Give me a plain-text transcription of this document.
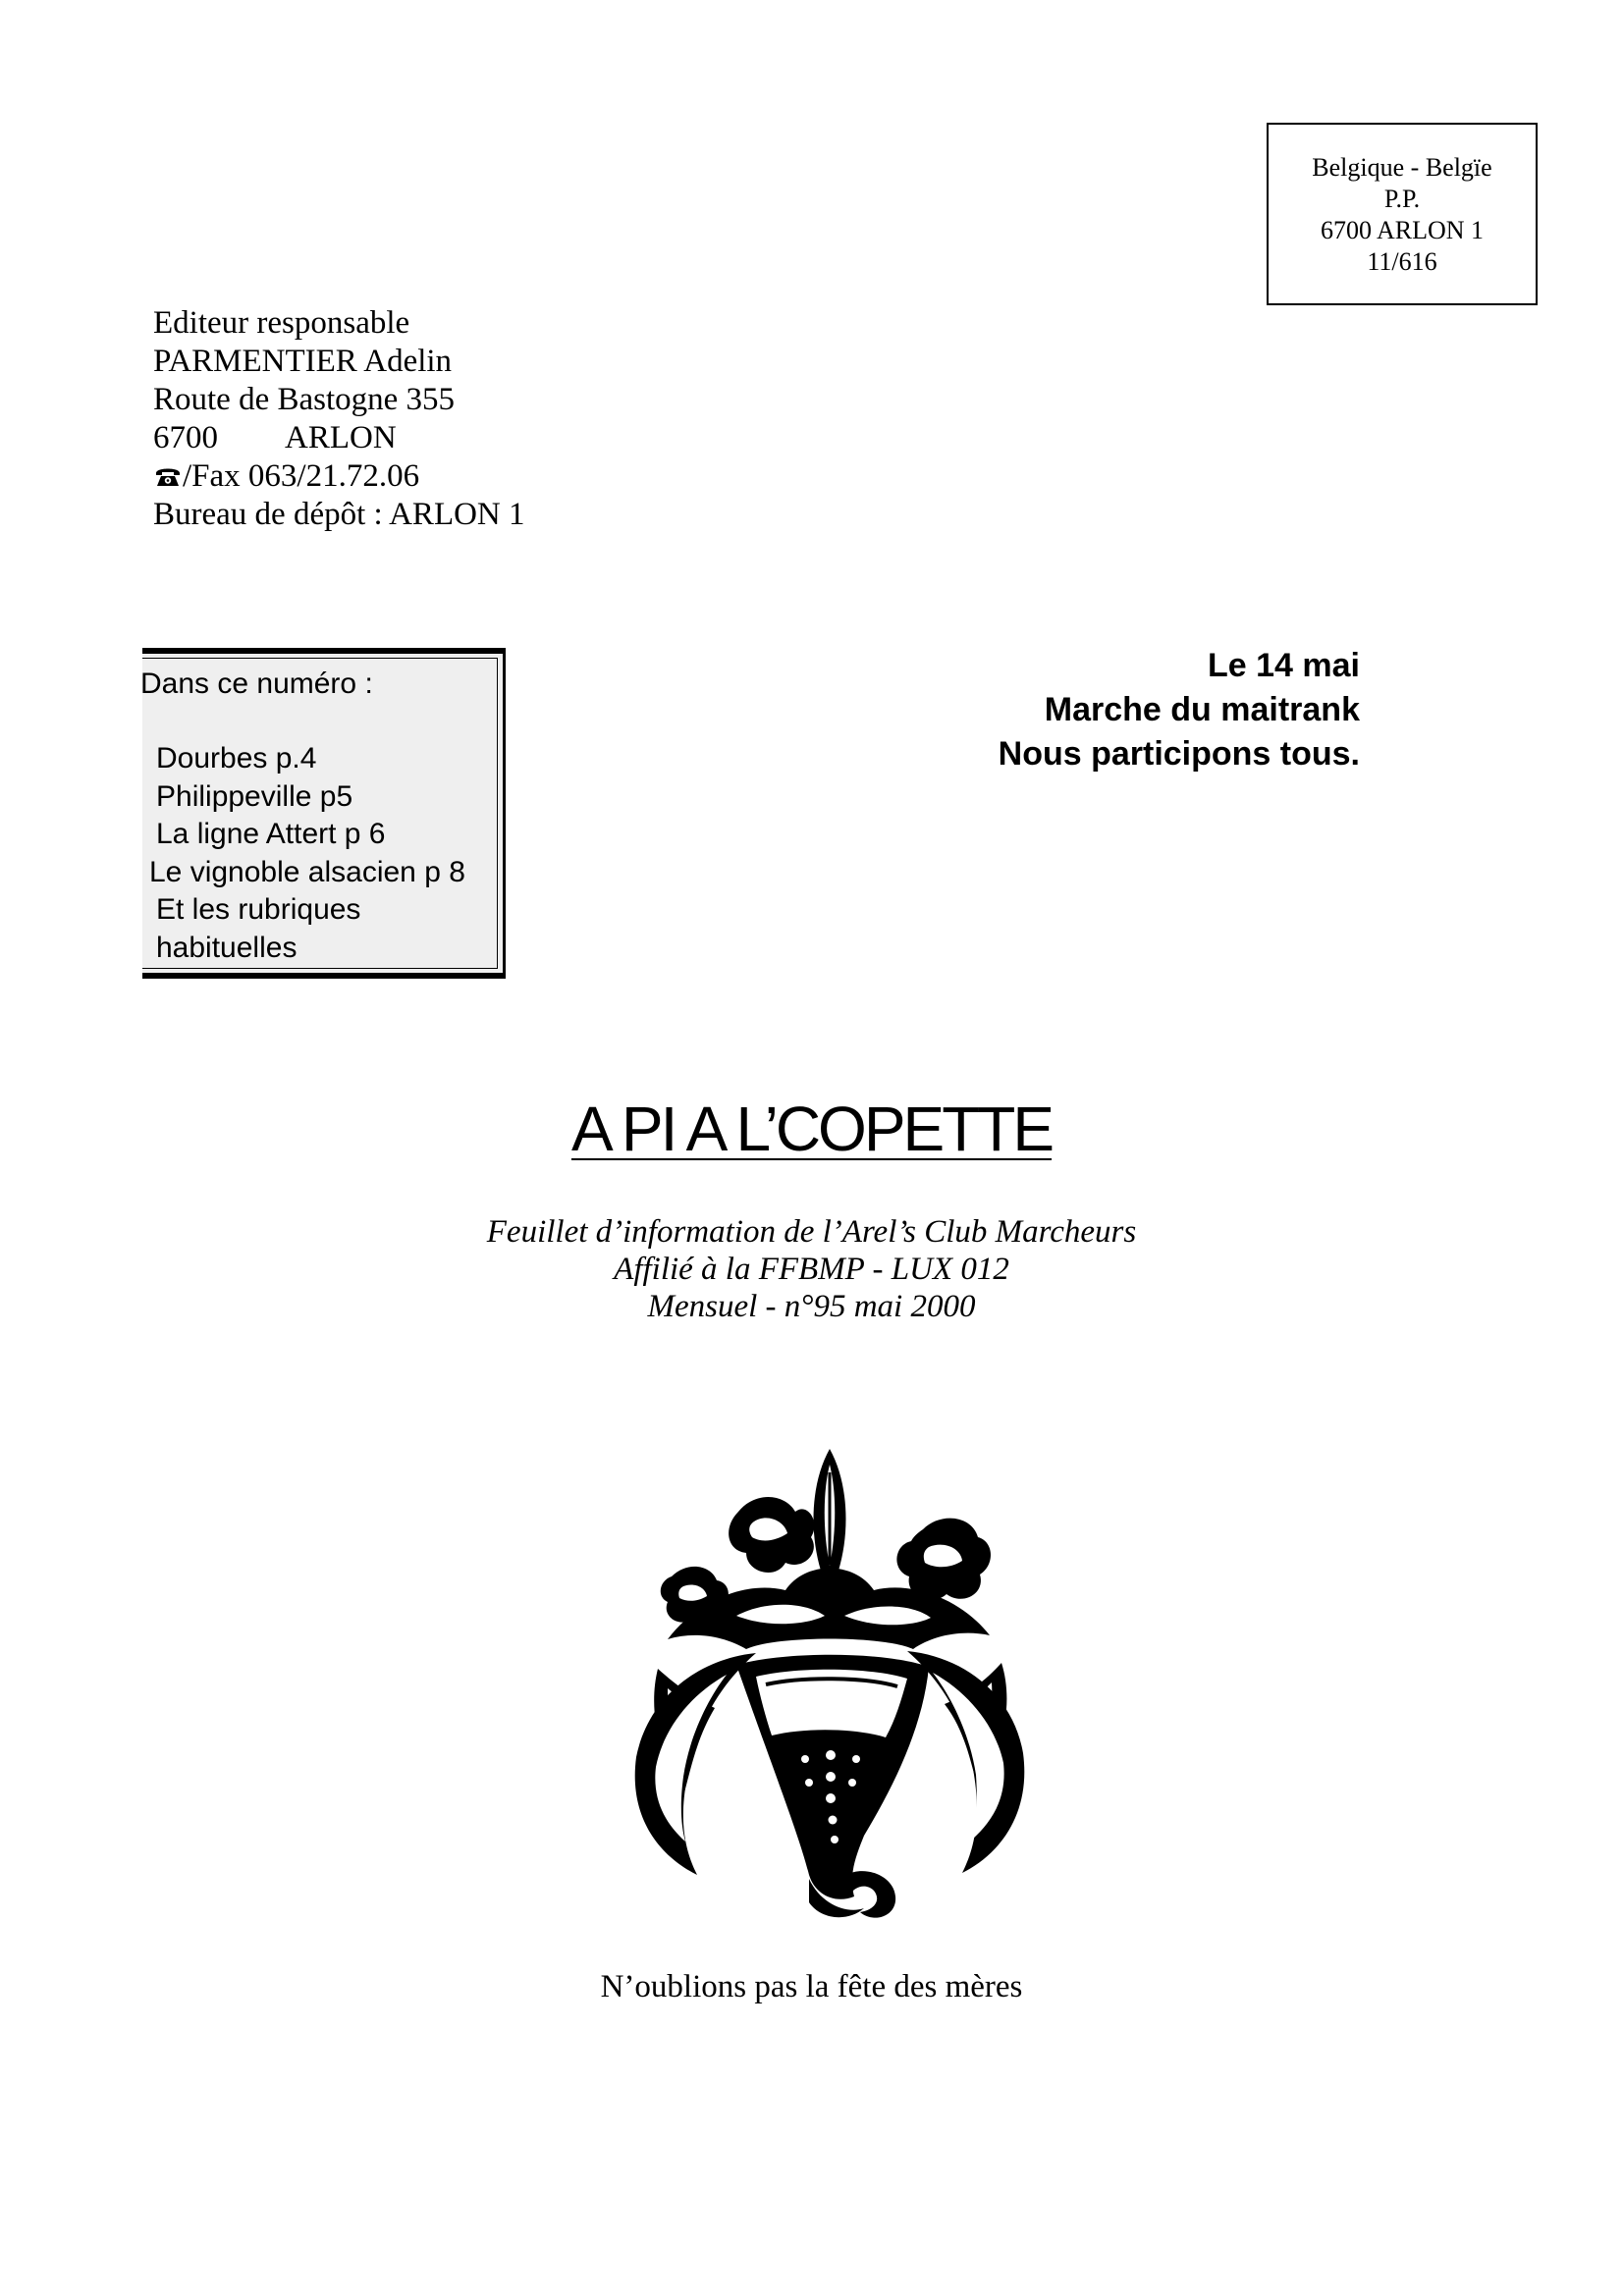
Belgique - Belgïe
P.P.
6700 ARLON 1
11/616
Editeur responsable
PARMENTIER Adelin
Route de Bastogne 355
6700 ARLON
/Fax 063/21.72.06
Bureau de dépôt : ARLON 1
Dans ce numéro :
Dourbes p.4
Philippeville p5
La ligne Attert p 6
Le vignoble alsacien p 8
Et les rubriques
habituelles
Le 14 mai
Marche du maitrank
Nous participons tous.
A PI A L’COPETTE
Feuillet d’information de l’Arel’s Club Marcheurs
Affilié à la FFBMP - LUX 012
Mensuel - n°95 mai 2000
N’oublions pas la fête des mères
